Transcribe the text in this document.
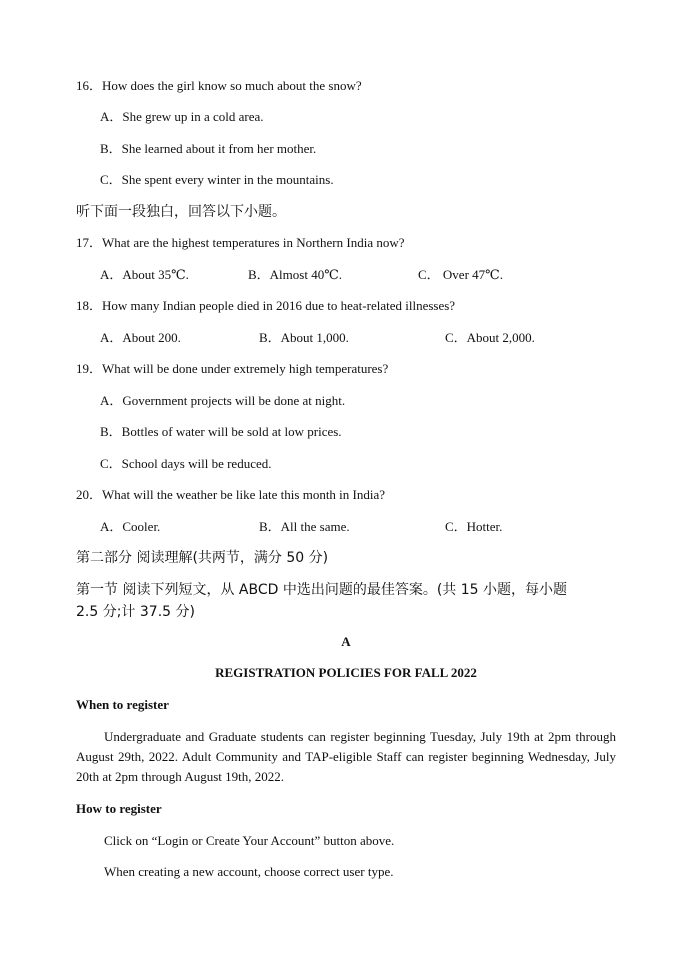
16．How does the girl know so much about the snow?
A．She grew up in a cold area.
B．She learned about it from her mother.
C．She spent every winter in the mountains.
听下面一段独白，回答以下小题。
17．What are the highest temperatures in Northern India now?
A．About 35℃.	B．Almost 40℃.	C． Over 47℃.
18．How many Indian people died in 2016 due to heat-related illnesses?
A．About 200.	B．About 1,000.	C．About 2,000.
19．What will be done under extremely high temperatures?
A．Government projects will be done at night.
B．Bottles of water will be sold at low prices.
C．School days will be reduced.
20．What will the weather be like late this month in India?
A．Cooler.	B．All the same.	C．Hotter.
第二部分 阅读理解(共两节，满分 50 分)
第一节 阅读下列短文，从 ABCD 中选出问题的最佳答案。(共 15 小题，每小题
2.5 分;计 37.5 分)
A
REGISTRATION POLICIES FOR FALL 2022
When to register
Undergraduate and Graduate students can register beginning Tuesday, July 19th at 2pm through August 29th, 2022. Adult Community and TAP-eligible Staff can register beginning Wednesday, July 20th at 2pm through August 19th, 2022.
How to register
Click on “Login or Create Your Account” button above.
When creating a new account, choose correct user type.
